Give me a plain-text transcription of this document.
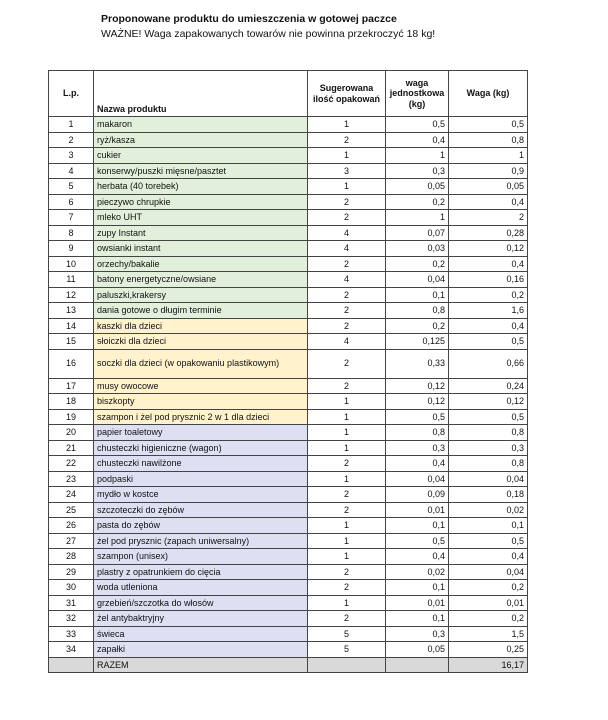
Proponowane produktu do umieszczenia w gotowej paczce
WAŻNE! Waga zapakowanych towarów nie powinna przekroczyć 18 kg!
L.p.	Nazwa produktu	Sugerowana ilość opakowań	waga jednostkowa (kg)	Waga (kg)
1	makaron	1	0,5	0,5
2	ryż/kasza	2	0,4	0,8
3	cukier	1	1	1
4	konserwy/puszki mięsne/pasztet	3	0,3	0,9
5	herbata (40 torebek)	1	0,05	0,05
6	pieczywo chrupkie	2	0,2	0,4
7	mleko UHT	2	1	2
8	zupy Instant	4	0,07	0,28
9	owsianki instant	4	0,03	0,12
10	orzechy/bakalie	2	0,2	0,4
11	batony energetyczne/owsiane	4	0,04	0,16
12	paluszki,krakersy	2	0,1	0,2
13	dania gotowe o długim terminie	2	0,8	1,6
14	kaszki dla dzieci	2	0,2	0,4
15	słoiczki dla dzieci	4	0,125	0,5
16	soczki dla dzieci (w opakowaniu plastikowym)	2	0,33	0,66
17	musy owocowe	2	0,12	0,24
18	biszkopty	1	0,12	0,12
19	szampon i żel pod prysznic 2 w 1 dla dzieci	1	0,5	0,5
20	papier toaletowy	1	0,8	0,8
21	chusteczki higieniczne (wagon)	1	0,3	0,3
22	chusteczki nawilżone	2	0,4	0,8
23	podpaski	1	0,04	0,04
24	mydło w kostce	2	0,09	0,18
25	szczoteczki do zębów	2	0,01	0,02
26	pasta do zębów	1	0,1	0,1
27	żel pod prysznic (zapach uniwersalny)	1	0,5	0,5
28	szampon (unisex)	1	0,4	0,4
29	plastry z opatrunkiem do cięcia	2	0,02	0,04
30	woda utleniona	2	0,1	0,2
31	grzebień/szczotka do włosów	1	0,01	0,01
32	żel antybaktryjny	2	0,1	0,2
33	świeca	5	0,3	1,5
34	zapałki	5	0,05	0,25
	RAZEM			16,17
